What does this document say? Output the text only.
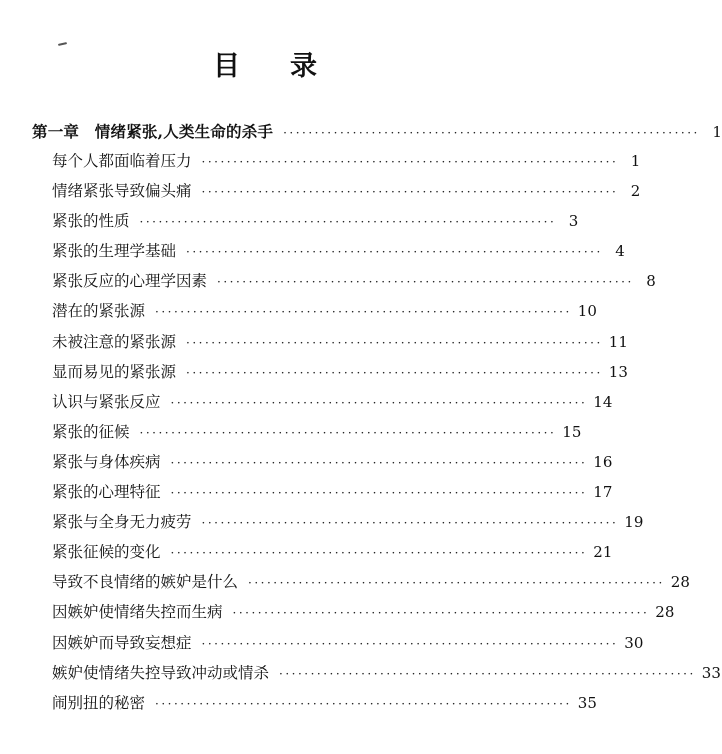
目 录
第一章　情绪紧张,人类生命的杀手 ·································································· 1
每个人都面临着压力 ·································································· 1
情绪紧张导致偏头痛 ·································································· 2
紧张的性质 ·································································· 3
紧张的生理学基础 ·································································· 4
紧张反应的心理学因素 ·································································· 8
潜在的紧张源 ·································································· 10
未被注意的紧张源 ·································································· 11
显而易见的紧张源 ·································································· 13
认识与紧张反应 ·································································· 14
紧张的征候 ·································································· 15
紧张与身体疾病 ·································································· 16
紧张的心理特征 ·································································· 17
紧张与全身无力疲劳 ·································································· 19
紧张征候的变化 ·································································· 21
导致不良情绪的嫉妒是什么 ·································································· 28
因嫉妒使情绪失控而生病 ·································································· 28
因嫉妒而导致妄想症 ·································································· 30
嫉妒使情绪失控导致冲动或情杀 ·································································· 33
闹别扭的秘密 ·································································· 35
